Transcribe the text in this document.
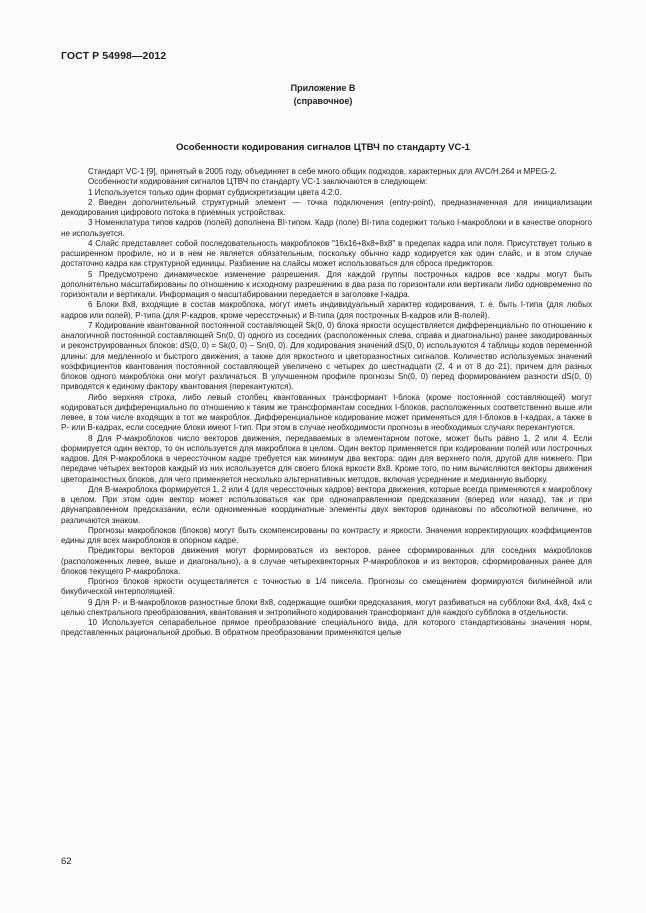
ГОСТ Р 54998—2012
Приложение В
(справочное)
Особенности кодирования сигналов ЦТВЧ по стандарту VC-1

Стандарт VC-1 [9], принятый в 2005 году, объединяет в себе много общих подходов, характерных для AVC/H.264 и MPEG-2.

Особенности кодирования сигналов ЦТВЧ по стандарту VC-1 заключаются в следующем:

1 Используется только один формат субдискретизации цвета 4:2:0.

2 Введен дополнительный структурный элемент — точка подключения (entry-point), предназначенная для инициализации декодирования цифрового потока в приемных устройствах.

3 Номенклатура типов кадров (полей) дополнена BI-типом. Кадр (поле) BI-типа содержит только I-макроблоки и в качестве опорного не используется.

4 Слайс представляет собой последовательность макроблоков "16х16+8х8+8х8" в пределах кадра или поля. Присутствует только в расширенном профиле, но и в нем не является обязательным, поскольку обычно кадр кодируется как один слайс, и в этом случае достаточно кадра как структурной единицы. Разбиение на слайсы может использоваться для сброса предикторов.

5 Предусмотрено динамическое изменение разрешения. Для каждой группы построчных кадров все кадры могут быть дополнительно масштабированы по отношению к исходному разрешению в два раза по горизонтали или вертикали либо одновременно по горизонтали и вертикали. Информация о масштабировании передается в заголовке I-кадра.

6 Блоки 8х8, входящие в состав макроблока, могут иметь индивидуальный характер кодирования, т. е. быть I-типа (для любых кадров или полей), P-типа (для P-кадров, кроме черессточных) и B-типа (для построчных B-кадров или B-полей).

7 Кодирование квантованной постоянной составляющей Sk(0, 0) блока яркости осуществляется дифференциально по отношению к аналогичной постоянной составляющей Sn(0, 0) одного из соседних (расположенных слева, справа и диагонально) ранее закодированных и реконструированных блоков: dS(0, 0) = Sk(0, 0) – Sn(0, 0). Для кодирования значений dS(0, 0) используются 4 таблицы кодов переменной длины: для медленного и быстрого движения, а также для яркостного и цветоразностных сигналов. Количество используемых значений коэффициентов квантования постоянной составляющей увеличено с четырех до шестнадцати (2, 4 и от 8 до 21), причем для разных блоков одного макроблока они могут различаться. В улучшенном профиле прогнозы Sn(0, 0) перед формированием разности dS(0, 0) приводятся к единому фактору квантования (перекантуются).

Либо верхняя строка, либо левый столбец квантованных трансформант I-блока (кроме постоянной составляющей) могут кодироваться дифференциально по отношению к таким же трансформантам соседних I-блоков, расположенных соответственно выше или левее, в том числе входящих в тот же макроблок. Дифференциальное кодирование может применяться для I-блоков в I-кадрах, а также в P- или B-кадрах, если соседние блоки имеют I-тип. При этом в случае необходимости прогнозы в необходимых случаях перекантуются.

8 Для P-макроблоков число векторов движения, передаваемых в элементарном потоке, может быть равно 1, 2 или 4. Если формируется один вектор, то он используется для макроблока в целом. Один вектор применяется при кодировании полей или построчных кадров. Для P-макроблока в черессточном кадре требуется как минимум два вектора: один для верхнего поля, другой для нижнего. При передаче четырех векторов каждый из них используется для своего блока яркости 8х8. Кроме того, по ним вычисляются векторы движения цветоразностных блоков, для чего применяется несколько альтернативных методов, включая усреднение и медианную выборку.

Для B-макроблока формируется 1, 2 или 4 (для черессточных кадров) вектора движения, которые всегда применяются к макроблоку в целом. При этом один вектор может использоваться как при однонаправленном предсказании (вперед или назад), так и при двунаправленном предсказании, если одноименные координатные элементы двух векторов одинаковы по абсолютной величине, но различаются знаком.

Прогнозы макроблоков (блоков) могут быть скомпенсированы по контрасту и яркости. Значения корректирующих коэффициентов едины для всех макроблоков в опорном кадре.

Предикторы векторов движения могут формироваться из векторов, ранее сформированных для соседних макроблоков (расположенных левее, выше и диагонально), а в случае четырехвекторных P-макроблоков и из векторов, сформированных ранее для блоков текущего P-макроблока.

Прогноз блоков яркости осуществляется с точностью в 1/4 пиксела. Прогнозы со смещением формируются билинейной или бикубической интерполяцией.

9 Для P- и B-макроблоков разностные блоки 8х8, содержащие ошибки предсказания, могут разбиваться на субблоки 8х4, 4х8, 4х4 с целью спектрального преобразования, квантования и энтропийного кодирования трансформант для каждого субблока в отдельности.

10 Используется сепарабельное прямое преобразование специального вида, для которого стандартизованы значения норм, представленных рациональной дробью. В обратном преобразовании применяются целые

62
